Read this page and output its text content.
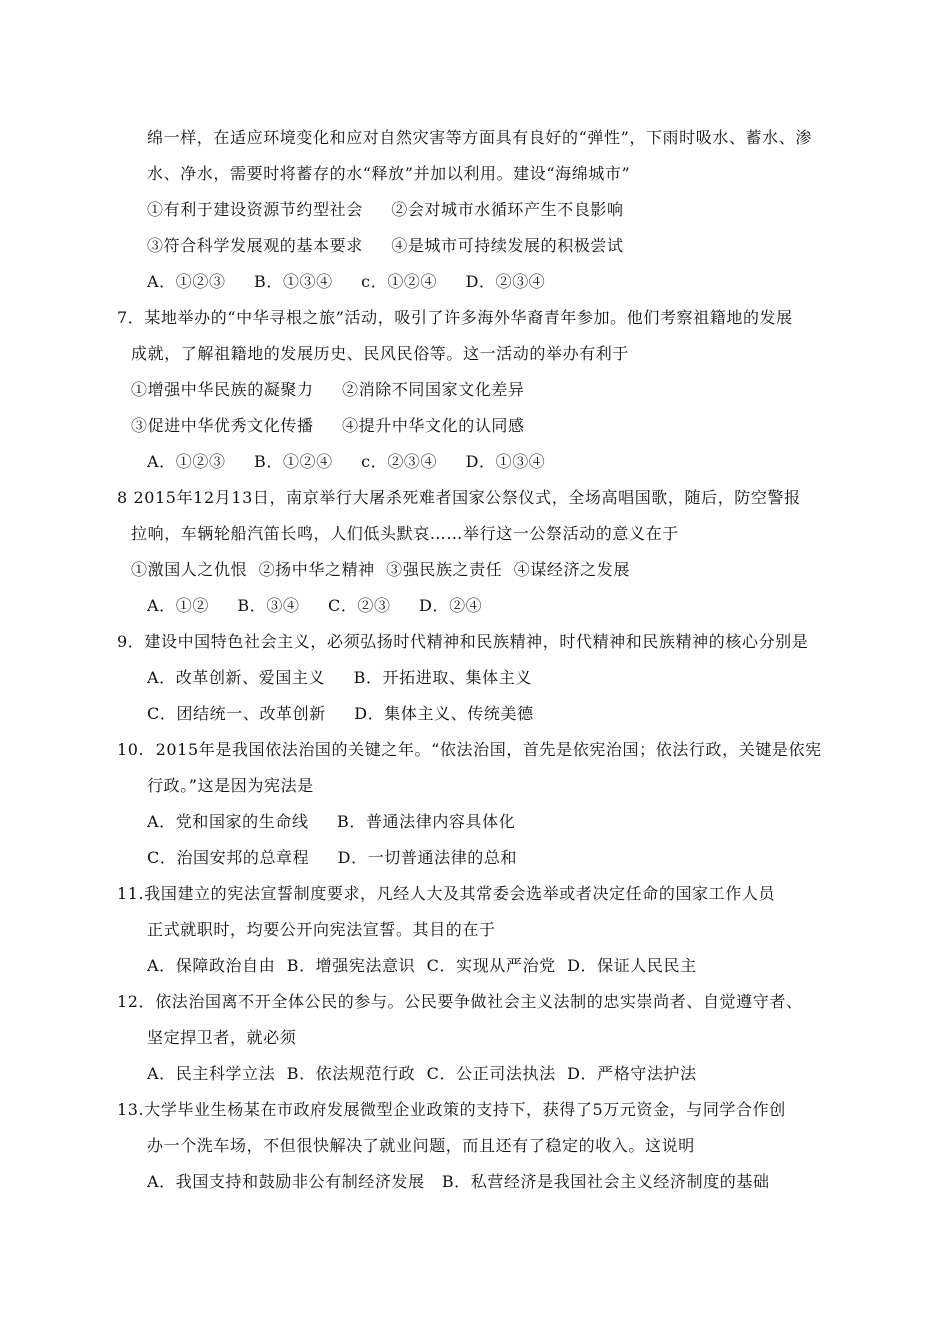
绵一样，在适应环境变化和应对自然灾害等方面具有良好的“弹性”，下雨时吸水、蓄水、渗
水、净水，需要时将蓄存的水“释放”并加以利用。建设“海绵城市”
①有利于建设资源节约型社会     ②会对城市水循环产生不良影响
③符合科学发展观的基本要求     ④是城市可持续发展的积极尝试
A．①②③     B．①③④     c．①②④     D．②③④
7．某地举办的“中华寻根之旅”活动，吸引了许多海外华裔青年参加。他们考察祖籍地的发展
成就，了解祖籍地的发展历史、民风民俗等。这一活动的举办有利于
①增强中华民族的凝聚力     ②消除不同国家文化差异
③促进中华优秀文化传播     ④提升中华文化的认同感
A．①②③     B．①②④     c．②③④     D．①③④
8 2015年12月13日，南京举行大屠杀死难者国家公祭仪式，全场高唱国歌，随后，防空警报
拉响，车辆轮船汽笛长鸣，人们低头默哀……举行这一公祭活动的意义在于
①激国人之仇恨  ②扬中华之精神  ③强民族之责任  ④谋经济之发展
A．①②     B．③④     C．②③     D．②④
9．建设中国特色社会主义，必须弘扬时代精神和民族精神，时代精神和民族精神的核心分别是
A．改革创新、爱国主义     B．开拓进取、集体主义
C．团结统一、改革创新     D．集体主义、传统美德
10.  2015年是我国依法治国的关键之年。“依法治国，首先是依宪治国；依法行政，关键是依宪
行政。”这是因为宪法是
A．党和国家的生命线     B．普通法律内容具体化
C．治国安邦的总章程     D．一切普通法律的总和
11.我国建立的宪法宣誓制度要求，凡经人大及其常委会选举或者决定任命的国家工作人员
正式就职时，均要公开向宪法宣誓。其目的在于
A．保障政治自由  B．增强宪法意识  C．实现从严治党  D．保证人民民主
12．依法治国离不开全体公民的参与。公民要争做社会主义法制的忠实崇尚者、自觉遵守者、
坚定捍卫者，就必须
A．民主科学立法  B．依法规范行政  C．公正司法执法  D．严格守法护法
13.大学毕业生杨某在市政府发展微型企业政策的支持下，获得了5万元资金，与同学合作创
办一个洗车场，不但很快解决了就业问题，而且还有了稳定的收入。这说明
A．我国支持和鼓励非公有制经济发展   B．私营经济是我国社会主义经济制度的基础
